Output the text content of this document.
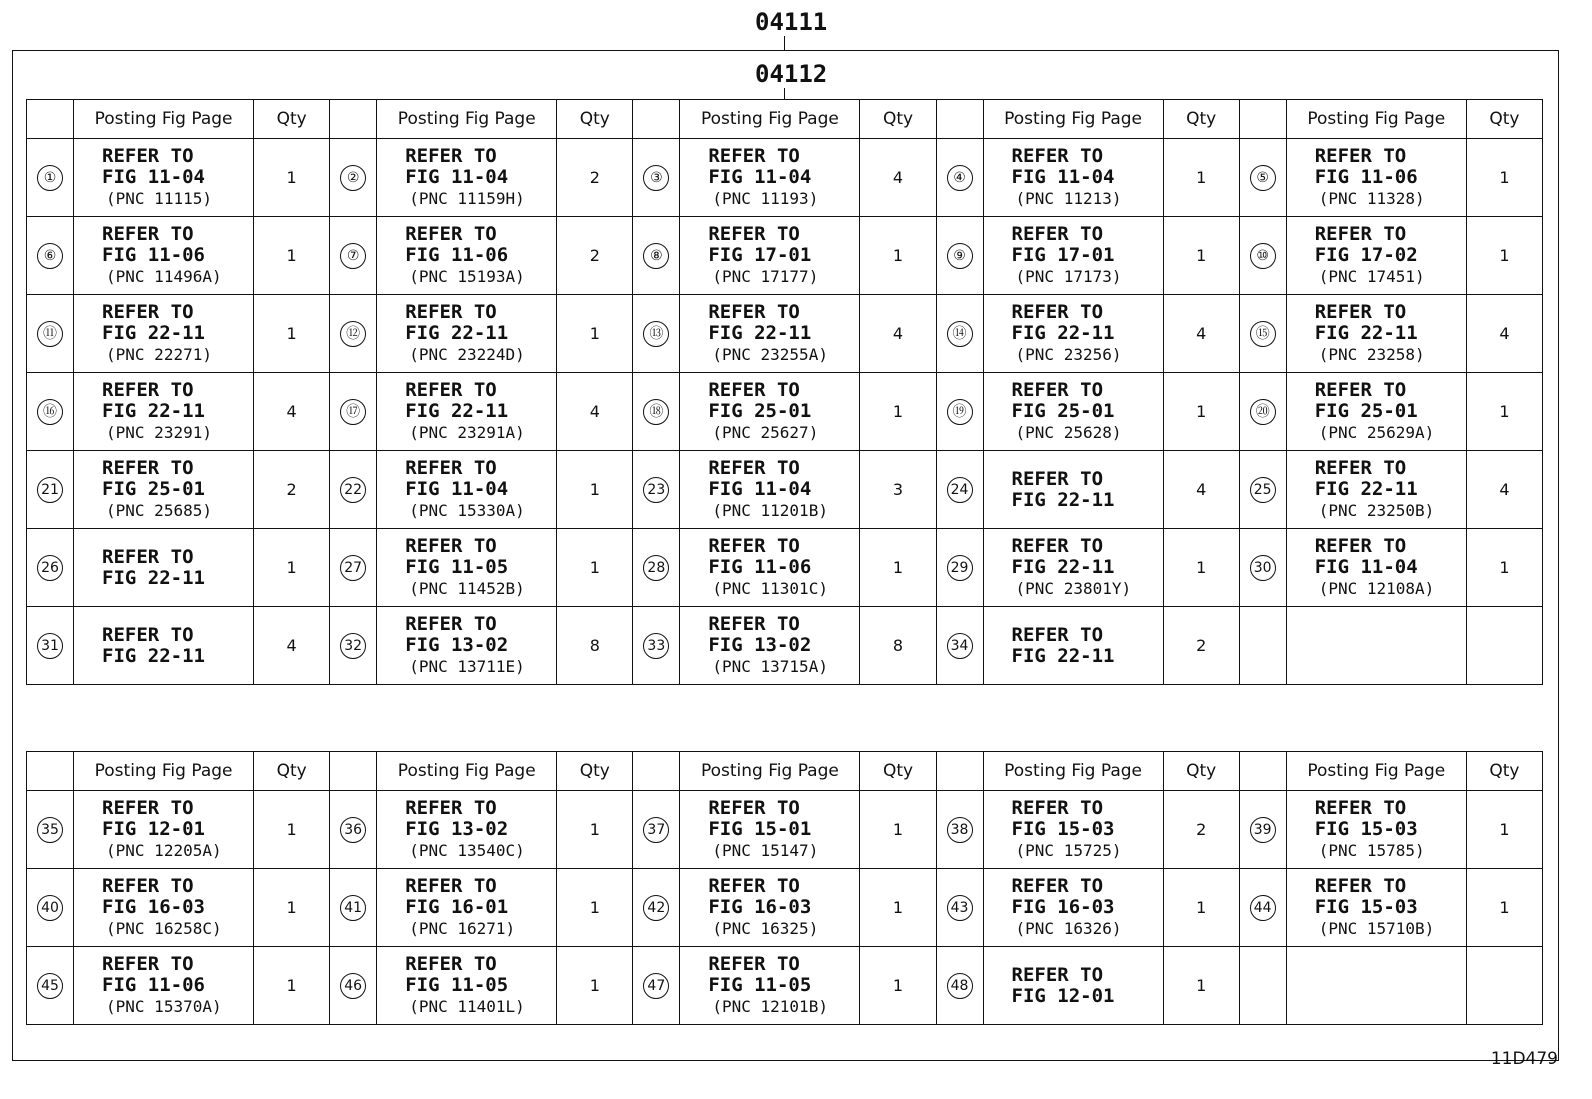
04111
04112
	Posting Fig Page	Qty		Posting Fig Page	Qty		Posting Fig Page	Qty		Posting Fig Page	Qty		Posting Fig Page	Qty
①	REFER TO
FIG 11-04
(PNC 11115)	1	②	REFER TO
FIG 11-04
(PNC 11159H)	2	③	REFER TO
FIG 11-04
(PNC 11193)	4	④	REFER TO
FIG 11-04
(PNC 11213)	1	⑤	REFER TO
FIG 11-06
(PNC 11328)	1
⑥	REFER TO
FIG 11-06
(PNC 11496A)	1	⑦	REFER TO
FIG 11-06
(PNC 15193A)	2	⑧	REFER TO
FIG 17-01
(PNC 17177)	1	⑨	REFER TO
FIG 17-01
(PNC 17173)	1	⑩	REFER TO
FIG 17-02
(PNC 17451)	1
⑪	REFER TO
FIG 22-11
(PNC 22271)	1	⑫	REFER TO
FIG 22-11
(PNC 23224D)	1	⑬	REFER TO
FIG 22-11
(PNC 23255A)	4	⑭	REFER TO
FIG 22-11
(PNC 23256)	4	⑮	REFER TO
FIG 22-11
(PNC 23258)	4
⑯	REFER TO
FIG 22-11
(PNC 23291)	4	⑰	REFER TO
FIG 22-11
(PNC 23291A)	4	⑱	REFER TO
FIG 25-01
(PNC 25627)	1	⑲	REFER TO
FIG 25-01
(PNC 25628)	1	⑳	REFER TO
FIG 25-01
(PNC 25629A)	1
21	REFER TO
FIG 25-01
(PNC 25685)	2	22	REFER TO
FIG 11-04
(PNC 15330A)	1	23	REFER TO
FIG 11-04
(PNC 11201B)	3	24	REFER TO
FIG 22-11	4	25	REFER TO
FIG 22-11
(PNC 23250B)	4
26	REFER TO
FIG 22-11	1	27	REFER TO
FIG 11-05
(PNC 11452B)	1	28	REFER TO
FIG 11-06
(PNC 11301C)	1	29	REFER TO
FIG 22-11
(PNC 23801Y)	1	30	REFER TO
FIG 11-04
(PNC 12108A)	1
31	REFER TO
FIG 22-11	4	32	REFER TO
FIG 13-02
(PNC 13711E)	8	33	REFER TO
FIG 13-02
(PNC 13715A)	8	34	REFER TO
FIG 22-11	2		

	Posting Fig Page	Qty		Posting Fig Page	Qty		Posting Fig Page	Qty		Posting Fig Page	Qty		Posting Fig Page	Qty
35	REFER TO
FIG 12-01
(PNC 12205A)	1	36	REFER TO
FIG 13-02
(PNC 13540C)	1	37	REFER TO
FIG 15-01
(PNC 15147)	1	38	REFER TO
FIG 15-03
(PNC 15725)	2	39	REFER TO
FIG 15-03
(PNC 15785)	1
40	REFER TO
FIG 16-03
(PNC 16258C)	1	41	REFER TO
FIG 16-01
(PNC 16271)	1	42	REFER TO
FIG 16-03
(PNC 16325)	1	43	REFER TO
FIG 16-03
(PNC 16326)	1	44	REFER TO
FIG 15-03
(PNC 15710B)	1
45	REFER TO
FIG 11-06
(PNC 15370A)	1	46	REFER TO
FIG 11-05
(PNC 11401L)	1	47	REFER TO
FIG 11-05
(PNC 12101B)	1	48	REFER TO
FIG 12-01	1		

11D479
